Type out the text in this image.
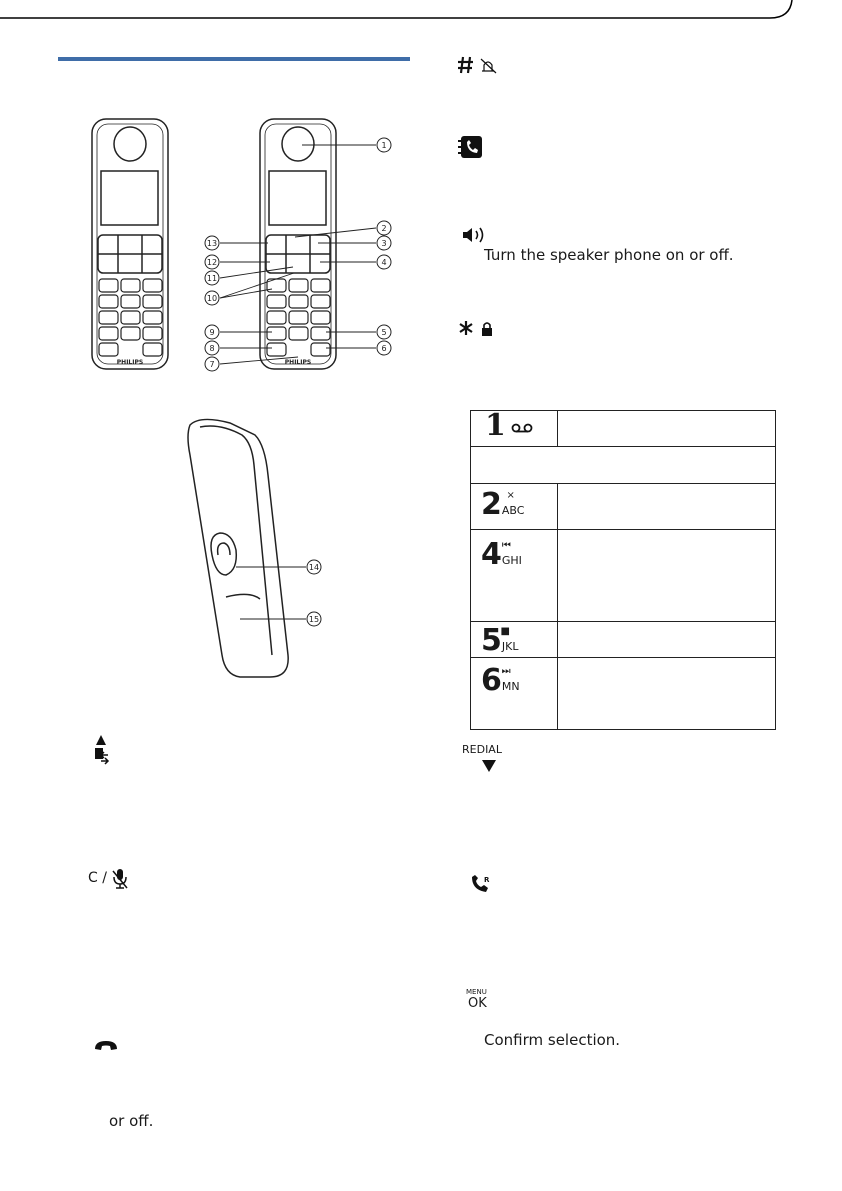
1
2
3
4
5
6
7
8
9
10
11
12
13
PHILIPS	PHILIPS
14
15
Turn the speaker phone on or off.
1	

2ABC×	
4GHI⏮	
5JKL■	
6MN⏭	
REDIAL
R
MENU
OK
Confirm selection.
C /
or off.
